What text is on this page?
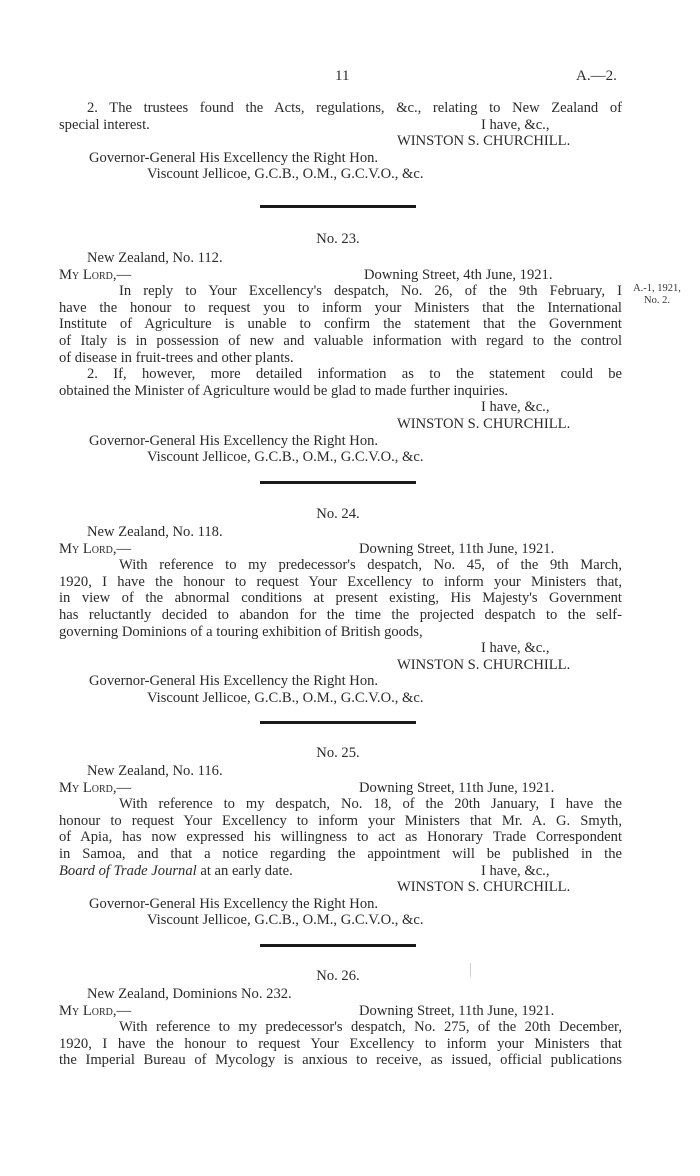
11	A.—2.
2. The trustees found the Acts, regulations, &c., relating to New Zealand of
special interest.	I have, &c.,
WINSTON S. CHURCHILL.
Governor-General His Excellency the Right Hon.
Viscount Jellicoe, G.C.B., O.M., G.C.V.O., &c.
No. 23.
New Zealand, No. 112.
My Lord,—	Downing Street, 4th June, 1921.
In reply to Your Excellency's despatch, No. 26, of the 9th February, I
have the honour to request you to inform your Ministers that the International
Institute of Agriculture is unable to confirm the statement that the Government
of Italy is in possession of new and valuable information with regard to the control
of disease in fruit-trees and other plants.
2. If, however, more detailed information as to the statement could be
obtained the Minister of Agriculture would be glad to made further inquiries.
I have, &c.,
WINSTON S. CHURCHILL.
Governor-General His Excellency the Right Hon.
Viscount Jellicoe, G.C.B., O.M., G.C.V.O., &c.
A.-1, 1921,
No. 2.
No. 24.
New Zealand, No. 118.
My Lord,—	Downing Street, 11th June, 1921.
With reference to my predecessor's despatch, No. 45, of the 9th March,
1920, I have the honour to request Your Excellency to inform your Ministers that,
in view of the abnormal conditions at present existing, His Majesty's Government
has reluctantly decided to abandon for the time the projected despatch to the self-
governing Dominions of a touring exhibition of British goods,
I have, &c.,
WINSTON S. CHURCHILL.
Governor-General His Excellency the Right Hon.
Viscount Jellicoe, G.C.B., O.M., G.C.V.O., &c.
No. 25.
New Zealand, No. 116.
My Lord,—	Downing Street, 11th June, 1921.
With reference to my despatch, No. 18, of the 20th January, I have the
honour to request Your Excellency to inform your Ministers that Mr. A. G. Smyth,
of Apia, has now expressed his willingness to act as Honorary Trade Correspondent
in Samoa, and that a notice regarding the appointment will be published in the
Board of Trade Journal at an early date.	I have, &c.,
WINSTON S. CHURCHILL.
Governor-General His Excellency the Right Hon.
Viscount Jellicoe, G.C.B., O.M., G.C.V.O., &c.
No. 26.
New Zealand, Dominions No. 232.
My Lord,—	Downing Street, 11th June, 1921.
With reference to my predecessor's despatch, No. 275, of the 20th December,
1920, I have the honour to request Your Excellency to inform your Ministers that
the Imperial Bureau of Mycology is anxious to receive, as issued, official publications
